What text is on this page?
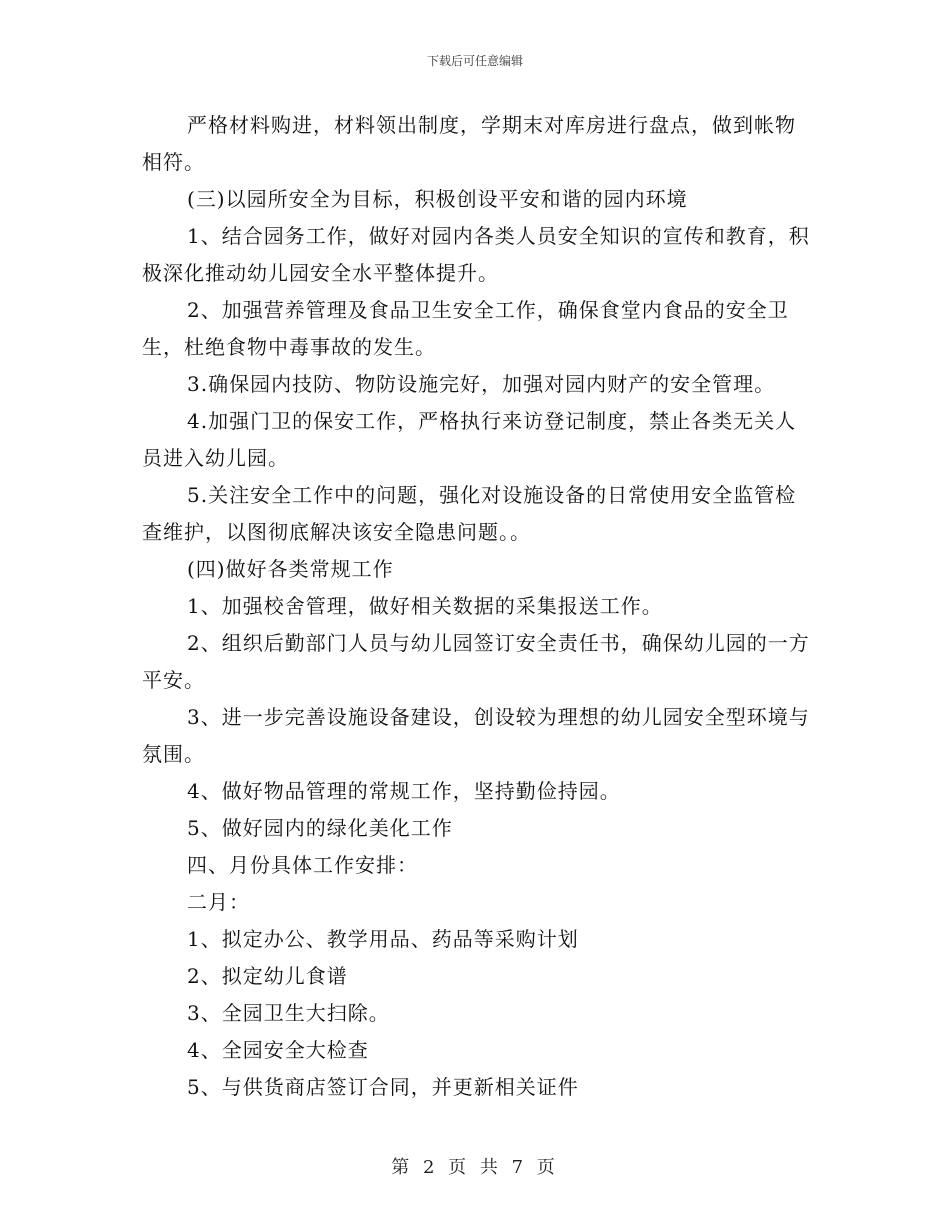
下载后可任意编辑

严格材料购进，材料领出制度，学期末对库房进行盘点，做到帐物相符。

(三)以园所安全为目标，积极创设平安和谐的园内环境

1、结合园务工作，做好对园内各类人员安全知识的宣传和教育，积极深化推动幼儿园安全水平整体提升。

2、加强营养管理及食品卫生安全工作，确保食堂内食品的安全卫生，杜绝食物中毒事故的发生。

3.确保园内技防、物防设施完好，加强对园内财产的安全管理。

4.加强门卫的保安工作，严格执行来访登记制度，禁止各类无关人员进入幼儿园。

5.关注安全工作中的问题，强化对设施设备的日常使用安全监管检查维护，以图彻底解决该安全隐患问题。。

(四)做好各类常规工作

1、加强校舍管理，做好相关数据的采集报送工作。

2、组织后勤部门人员与幼儿园签订安全责任书，确保幼儿园的一方平安。

3、进一步完善设施设备建设，创设较为理想的幼儿园安全型环境与氛围。

4、做好物品管理的常规工作，坚持勤俭持园。

5、做好园内的绿化美化工作

四、月份具体工作安排：

二月：

1、拟定办公、教学用品、药品等采购计划

2、拟定幼儿食谱

3、全园卫生大扫除。

4、全园安全大检查

5、与供货商店签订合同，并更新相关证件

第 2 页 共 7 页
